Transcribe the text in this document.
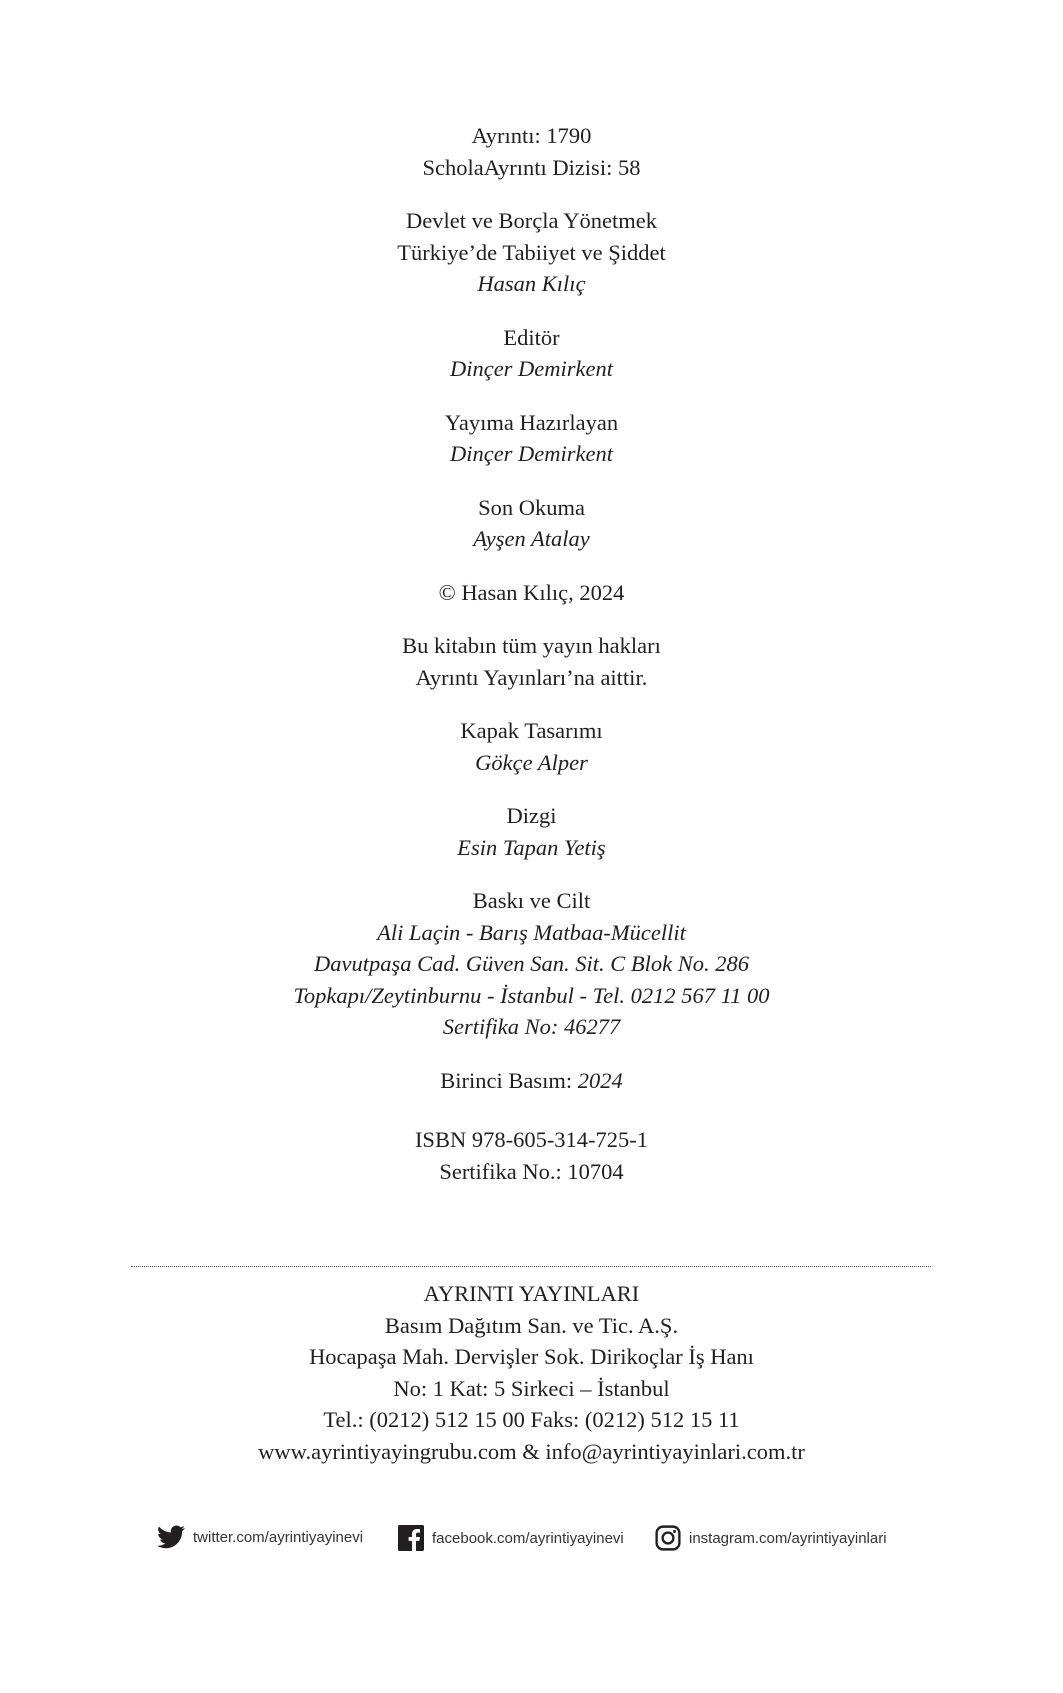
Ayrıntı: 1790
ScholaAyrıntı Dizisi: 58

Devlet ve Borçla Yönetmek
Türkiye’de Tabiiyet ve Şiddet
Hasan Kılıç

Editör
Dinçer Demirkent

Yayıma Hazırlayan
Dinçer Demirkent

Son Okuma
Ayşen Atalay

© Hasan Kılıç, 2024

Bu kitabın tüm yayın hakları
Ayrıntı Yayınları’na aittir.

Kapak Tasarımı
Gökçe Alper

Dizgi
Esin Tapan Yetiş

Baskı ve Cilt
Ali Laçin - Barış Matbaa-Mücellit
Davutpaşa Cad. Güven San. Sit. C Blok No. 286
Topkapı/Zeytinburnu - İstanbul - Tel. 0212 567 11 00
Sertifika No: 46277

Birinci Basım: 2024

ISBN 978-605-314-725-1
Sertifika No.: 10704

AYRINTI YAYINLARI
Basım Dağıtım San. ve Tic. A.Ş.
Hocapaşa Mah. Dervişler Sok. Dirikoçlar İş Hanı
No: 1 Kat: 5 Sirkeci – İstanbul
Tel.: (0212) 512 15 00 Faks: (0212) 512 15 11
www.ayrintiyayingrubu.com & info@ayrintiyayinlari.com.tr
twitter.com/ayrintiyayinevi	facebook.com/ayrintiyayinevi	instagram.com/ayrintiyayinlari
